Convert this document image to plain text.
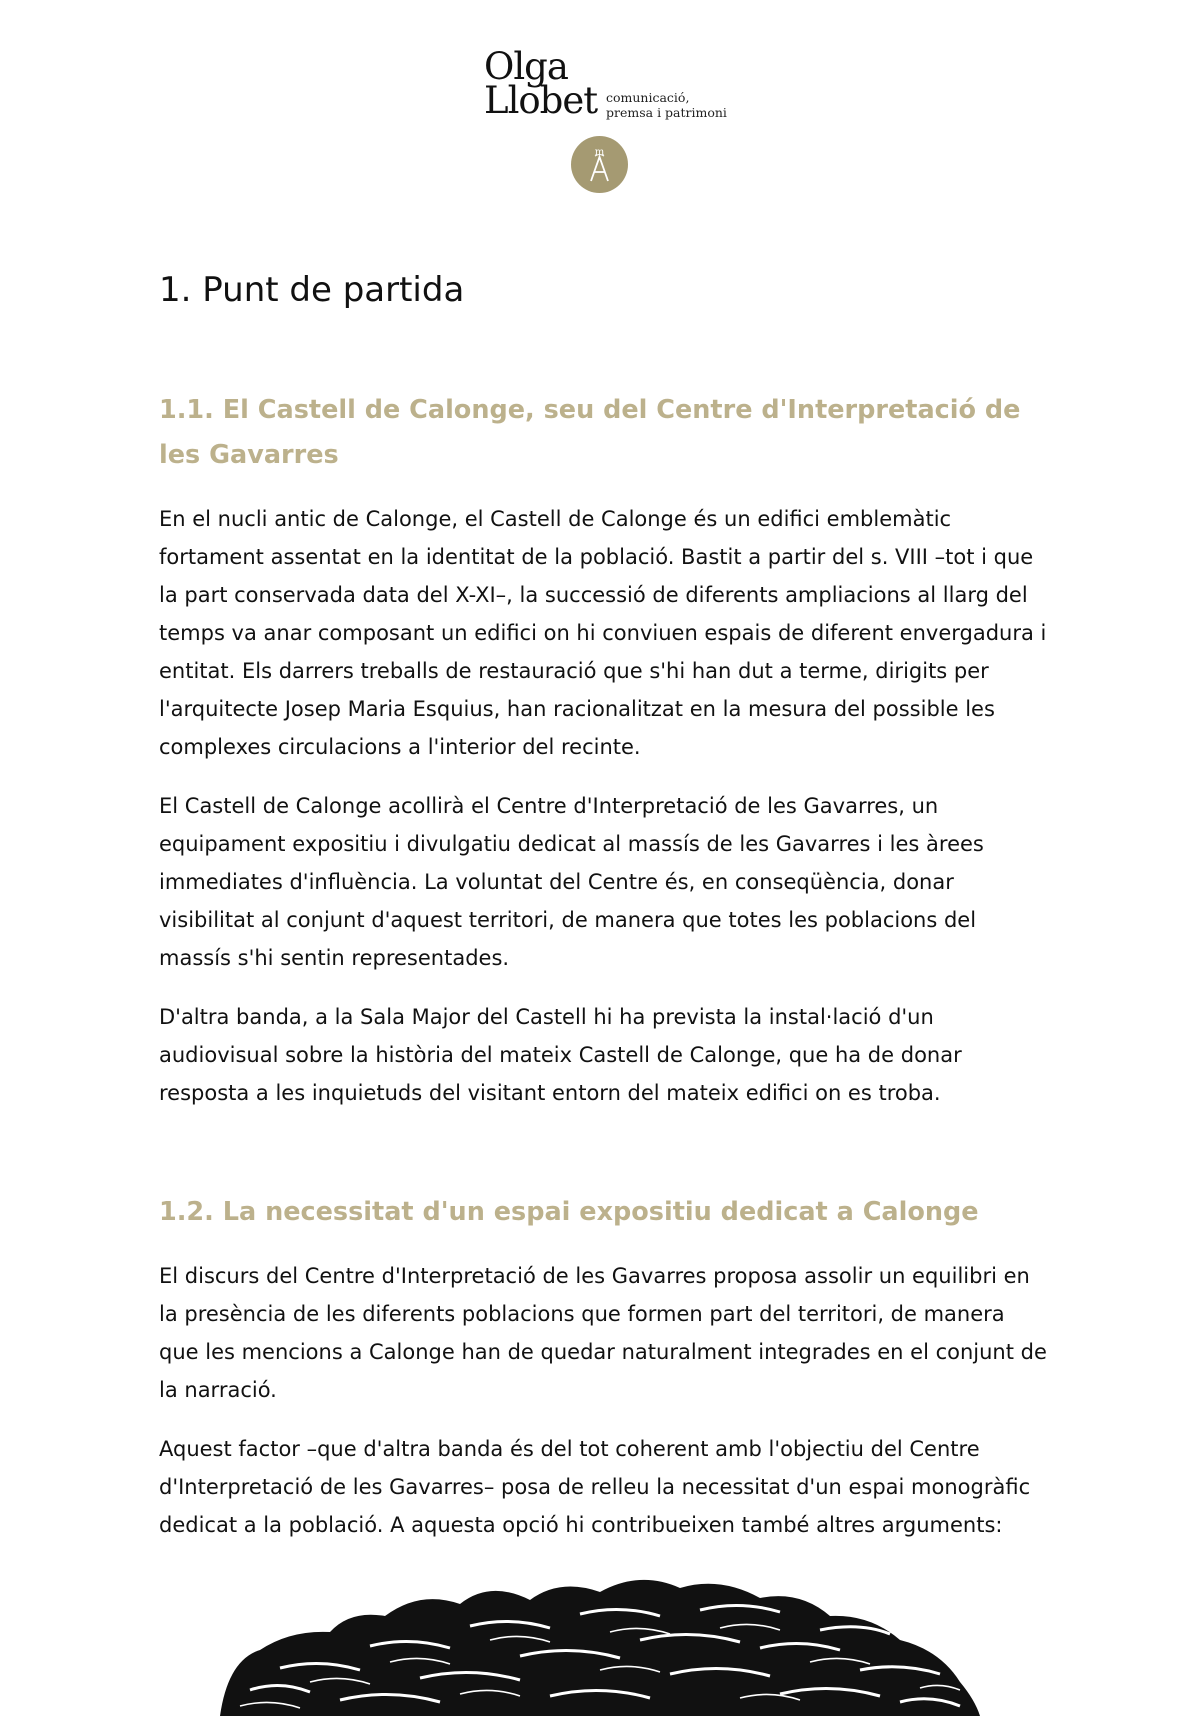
Olga
Llobet comunicació,
premsa i patrimoni
m
1. Punt de partida
1.1. El Castell de Calonge, seu del Centre d'Interpretació de les Gavarres

En el nucli antic de Calonge, el Castell de Calonge és un edifici emblemàtic fortament assentat en la identitat de la població. Bastit a partir del s. VIII –tot i que la part conservada data del X-XI–, la successió de diferents ampliacions al llarg del temps va anar composant un edifici on hi conviuen espais de diferent envergadura i entitat. Els darrers treballs de restauració que s'hi han dut a terme, dirigits per l'arquitecte Josep Maria Esquius, han racionalitzat en la mesura del possible les complexes circulacions a l'interior del recinte.

El Castell de Calonge acollirà el Centre d'Interpretació de les Gavarres, un equipament expositiu i divulgatiu dedicat al massís de les Gavarres i les àrees immediates d'influència. La voluntat del Centre és, en conseqüència, donar visibilitat al conjunt d'aquest territori, de manera que totes les poblacions del massís s'hi sentin representades.

D'altra banda, a la Sala Major del Castell hi ha prevista la instal·lació d'un audiovisual sobre la història del mateix Castell de Calonge, que ha de donar resposta a les inquietuds del visitant entorn del mateix edifici on es troba.

1.2. La necessitat d'un espai expositiu dedicat a Calonge

El discurs del Centre d'Interpretació de les Gavarres proposa assolir un equilibri en la presència de les diferents poblacions que formen part del territori, de manera que les mencions a Calonge han de quedar naturalment integrades en el conjunt de la narració.

Aquest factor –que d'altra banda és del tot coherent amb l'objectiu del Centre d'Interpretació de les Gavarres– posa de relleu la necessitat d'un espai monogràfic dedicat a la població. A aquesta opció hi contribueixen també altres arguments:
